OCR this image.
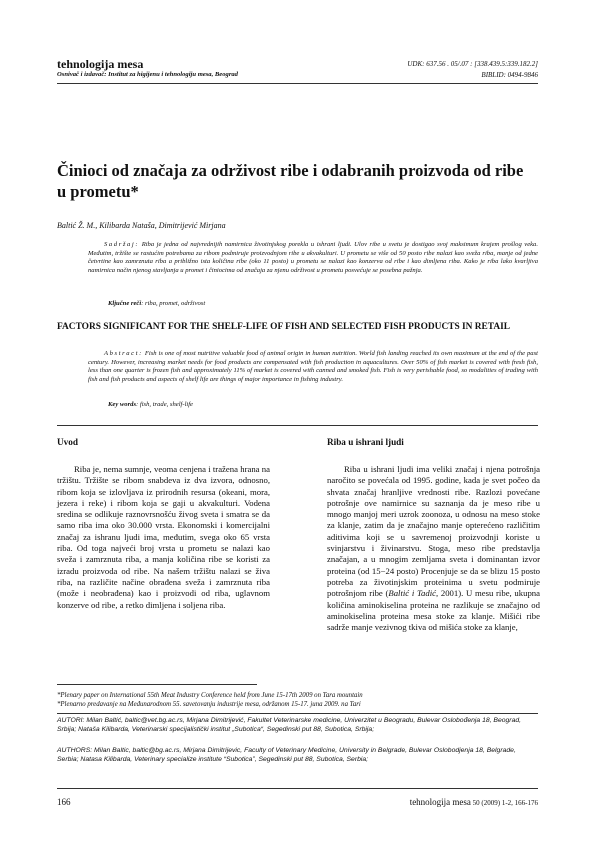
tehnologija mesa
Osnivač i izdavač: Institut za higijenu i tehnologiju mesa, Beograd
UDK: 637.56 . 05/.07 : [338.439.5:339.182.2]
BIBLID: 0494-9846
Činioci od značaja za održivost ribe i odabranih proizvoda od ribe u prometu*
Baltić Ž. M., Kilibarda Nataša, Dimitrijević Mirjana
Sadržaj: Riba je jedna od najvrednijih namirnica životinjskog porekla u ishrani ljudi. Ulov ribe u svetu je dostigao svoj maksimum krajem prošlog veka. Međutim, tržište se rastućim potrebama za ribom podmiruje proizvodnjom ribe u akvakulturi. U prometu se više od 50 posto ribe nalazi kao sveža riba, manje od jedne četvrtine kao zamrznuta riba a približno ista količina ribe (oko 11 posto) u prometu se nalazi kao konzerva od ribe i kao dimljena riba. Kako je riba lako kvarljiva namirnica način njenog stavljanja u promet i činiocima od značaja za njenu održivost u prometu posvećuje se posebna pažnja.
Ključne reči: riba, promet, održivost
FACTORS SIGNIFICANT FOR THE SHELF-LIFE OF FISH AND SELECTED FISH PRODUCTS IN RETAIL
Abstract: Fish is one of most nutritive valuable food of animal origin in human nutrition. World fish landing reached its own maximum at the end of the past century. However, increasing market needs for food products are compensated with fish production in aquacultures. Over 50% of fish market is covered with fresh fish, less than one quarter is frozen fish and approximately 11% of market is covered with canned and smoked fish. Fish is very perishable food, so modalities of trading with fish and fish products and aspects of shelf life are things of major importance in fishing industry.
Key words: fish, trade, shelf-life
Uvod

Riba je, nema sumnje, veoma cenjena i tražena hrana na tržištu. Tržište se ribom snabdeva iz dva izvora, odnosno, ribom koja se izlovljava iz prirodnih resursa (okeani, mora, jezera i reke) i ribom koja se gaji u akvakulturi. Vodena sredina se odlikuje raznovrsnošću živog sveta i smatra se da samo riba ima oko 30.000 vrsta. Ekonomski i komercijalni značaj za ishranu ljudi ima, međutim, svega oko 65 vrsta riba. Od toga najveći broj vrsta u prometu se nalazi kao sveža i zamrznuta riba, a manja količina ribe se koristi za izradu proizvoda od ribe. Na našem tržištu nalazi se živa riba, na različite načine obrađena sveža i zamrznuta riba (može i neobrađena) kao i proizvodi od riba, uglavnom konzerve od ribe, a retko dimljena i soljena riba.

Riba u ishrani ljudi

Riba u ishrani ljudi ima veliki značaj i njena potrošnja naročito se povećala od 1995. godine, kada je svet počeo da shvata značaj hranljive vrednosti ribe. Razlozi povećane potrošnje ove namirnice su saznanja da je meso ribe u mnogo manjoj meri uzrok zoonoza, u odnosu na meso stoke za klanje, zatim da je značajno manje opterećeno različitim aditivima koji se u savremenoj proizvodnji koriste u svinjarstvu i živinarstvu. Stoga, meso ribe predstavlja značajan, a u mnogim zemljama sveta i dominantan izvor proteina (od 15−24 posto) Procenjuje se da se blizu 15 posto potreba za životinjskim proteinima u svetu podmiruje potrošnjom ribe (Baltić i Tadić, 2001). U mesu ribe, ukupna količina aminokiselina proteina ne razlikuje se značajno od aminokiselina proteina mesa stoke za klanje. Mišići ribe sadrže manje vezivnog tkiva od mišića stoke za klanje,

*Plenary paper on International 55th Meat Industry Conference held from June 15-17th 2009 on Tara mountain
*Plenarno predavanje na Međunarodnom 55. savetovanju industrije mesa, održanom 15-17. juna 2009. na Tari
AUTORI: Milan Baltić, baltic@vet.bg.ac.rs, Mirjana Dimitrijević, Fakultet Veterinarske medicine, Univerzitet u Beogradu, Bulevar Oslobođenja 18, Beograd, Srbija; Nataša Kilibarda, Veterinarski specijalistički institut „Subotica“, Segedinski put 88, Subotica, Srbija;
AUTHORS: Milan Baltic, baltic@bg.ac.rs, Mirjana Dimitrijevic, Faculty of Veterinary Medicine, University in Belgrade, Bulevar Oslobodjenja 18, Belgrade, Serbia; Natasa Kilibarda, Veterinary specialize institute “Subotica”, Segedinski put 88, Subotica, Serbia;
166	tehnologija mesa 50 (2009) 1-2, 166-176
